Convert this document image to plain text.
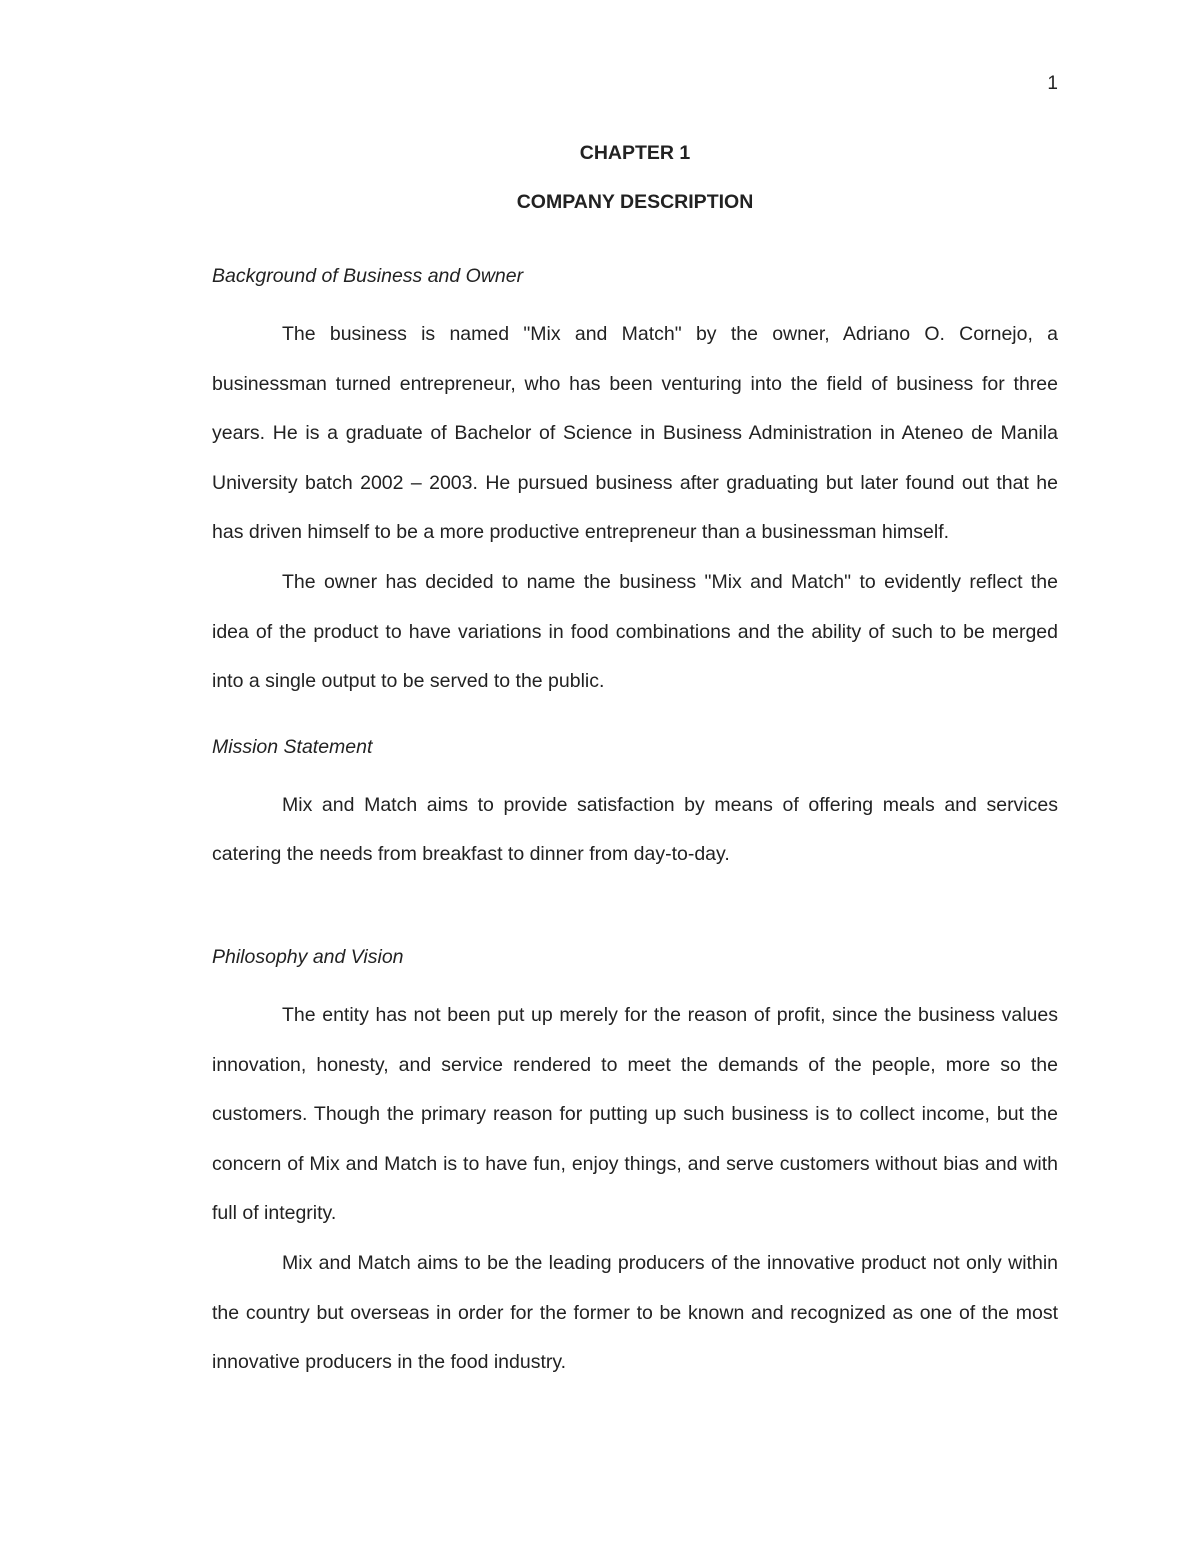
1

CHAPTER 1

COMPANY DESCRIPTION

Background of Business and Owner

The business is named "Mix and Match" by the owner, Adriano O. Cornejo, a businessman turned entrepreneur, who has been venturing into the field of business for three years. He is a graduate of Bachelor of Science in Business Administration in Ateneo de Manila University batch 2002 – 2003. He pursued business after graduating but later found out that he has driven himself to be a more productive entrepreneur than a businessman himself.

The owner has decided to name the business "Mix and Match" to evidently reflect the idea of the product to have variations in food combinations and the ability of such to be merged into a single output to be served to the public.

Mission Statement

Mix and Match aims to provide satisfaction by means of offering meals and services catering the needs from breakfast to dinner from day-to-day.

Philosophy and Vision

The entity has not been put up merely for the reason of profit, since the business values innovation, honesty, and service rendered to meet the demands of the people, more so the customers. Though the primary reason for putting up such business is to collect income, but the concern of Mix and Match is to have fun, enjoy things, and serve customers without bias and with full of integrity.

Mix and Match aims to be the leading producers of the innovative product not only within the country but overseas in order for the former to be known and recognized as one of the most innovative producers in the food industry.
